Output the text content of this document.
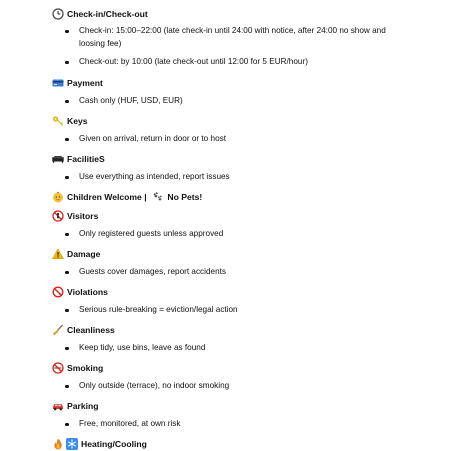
Check-in/Check-out
Check-in: 15:00–22:00 (late check-in until 24:00 with notice, after 24:00 no show and loosing fee)
Check-out: by 10:00 (late check-out until 12:00 for 5 EUR/hour)
Payment
Cash only (HUF, USD, EUR)
Keys
Given on arrival, return in door or to host
FacilitieS
Use everything as intended, report issues
Children Welcome | No Pets!
Visitors
Only registered guests unless approved
Damage
Guests cover damages, report accidents
Violations
Serious rule-breaking = eviction/legal action
Cleanliness
Keep tidy, use bins, leave as found
Smoking
Only outside (terrace), no indoor smoking
Parking
Free, monitored, at own risk
Heating/Cooling
